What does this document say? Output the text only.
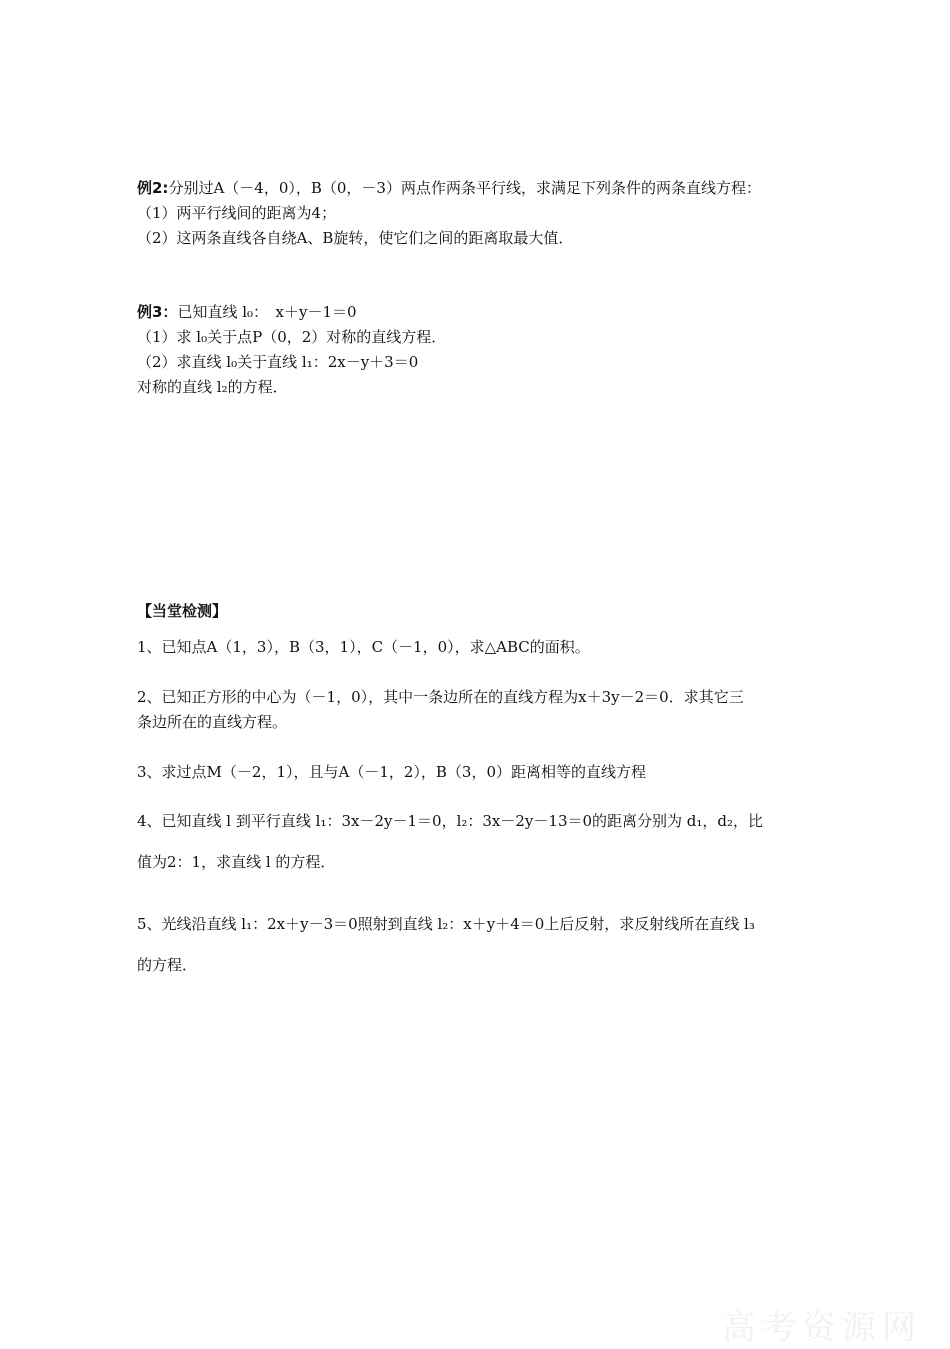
例2:分别过A（－4，0），B（0，－3）两点作两条平行线，求满足下列条件的两条直线方程：
（1）两平行线间的距离为4；
（2）这两条直线各自绕A、B旋转，使它们之间的距离取最大值．
例3：已知直线 l₀：　x＋y－1＝0
（1）求 l₀关于点P（0，2）对称的直线方程．
（2）求直线 l₀关于直线 l₁：2x－y＋3＝0
对称的直线 l₂的方程．
【当堂检测】
1、已知点A（1，3），B（3，1），C（－1，0），求△ABC的面积。
2、已知正方形的中心为（－1，0），其中一条边所在的直线方程为x＋3y－2＝0．求其它三
条边所在的直线方程。
3、求过点M（－2，1），且与A（－1，2），B（3，0）距离相等的直线方程
4、已知直线 l 到平行直线 l₁：3x－2y－1＝0，l₂：3x－2y－13＝0的距离分别为 d₁，d₂，比
值为2：1，求直线 l 的方程．
5、光线沿直线 l₁：2x＋y－3＝0照射到直线 l₂：x＋y＋4＝0上后反射，求反射线所在直线 l₃
的方程．
高考资源网
